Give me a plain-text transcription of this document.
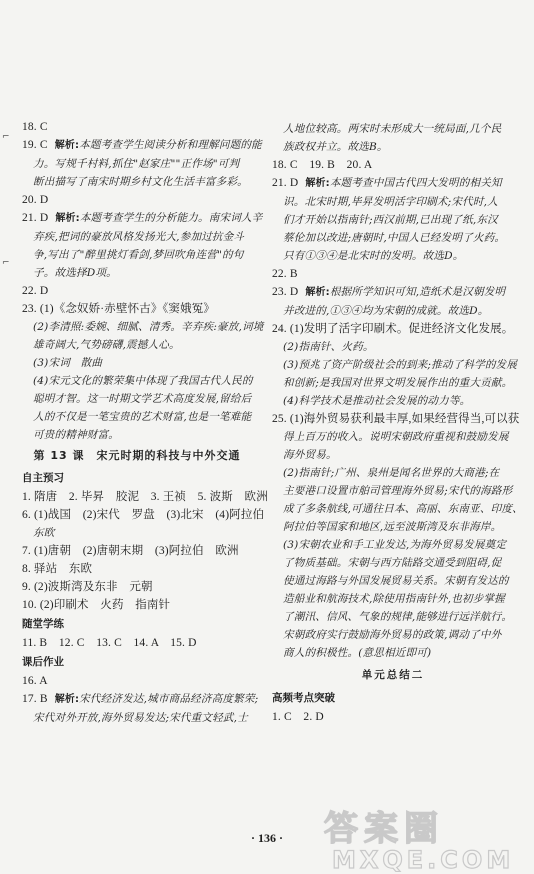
⌐
⌐
18. C
19. C 解析:本题考查学生阅读分析和理解问题的能
力。写规千村料,抓住"赵家庄""正作场"可判
断出描写了南宋时期乡村文化生活丰富多彩。
20. D
21. D 解析:本题考查学生的分析能力。南宋词人辛
弃疾,把词的豪放风格发扬光大,参加过抗金斗
争,写出了"醉里挑灯看剑,梦回吹角连营"的句
子。故选择D项。
22. D
23. (1)《念奴娇·赤壁怀古》《窦娥冤》
(2)李清照:委婉、细腻、清秀。辛弃疾:豪放,词境
雄奇阔大,气势磅礴,震撼人心。
(3)宋词　散曲
(4)宋元文化的繁荣集中体现了我国古代人民的
聪明才智。这一时期文学艺术高度发展,留给后
人的不仅是一笔宝贵的艺术财富,也是一笔难能
可贵的精神财富。
第 13 课　宋元时期的科技与中外交通
自主预习
1. 隋唐　2. 毕昇　胶泥　3. 王祯　5. 波斯　欧洲
6. (1)战国　(2)宋代　罗盘　(3)北宋　(4)阿拉伯
东欧
7. (1)唐朝　(2)唐朝末期　(3)阿拉伯　欧洲
8. 驿站　东欧
9. (2)波斯湾及东非　元朝
10. (2)印刷术　火药　指南针
随堂学练
11. B　12. C　13. C　14. A　15. D
课后作业
16. A
17. B 解析:宋代经济发达,城市商品经济高度繁荣;
宋代对外开放,海外贸易发达;宋代重文轻武,士
人地位较高。两宋时未形成大一统局面,几个民
族政权并立。故选B。
18. C　19. B　20. A
21. D 解析:本题考查中国古代四大发明的相关知
识。北宋时期,毕昇发明活字印刷术;宋代时,人
们才开始以指南针;西汉前期,已出现了纸,东汉
蔡伦加以改进;唐朝时,中国人已经发明了火药。
只有①③④是北宋时的发明。故选D。
22. B
23. D 解析:根据所学知识可知,造纸术是汉朝发明
并改进的,①③④均为宋朝的成就。故选D。
24. (1)发明了活字印刷术。促进经济文化发展。
(2)指南针、火药。
(3)预兆了资产阶级社会的到来;推动了科学的发展
和创新;是我国对世界文明发展作出的重大贡献。
(4)科学技术是推动社会发展的动力等。
25. (1)海外贸易获利最丰厚,如果经营得当,可以获
得上百万的收入。说明宋朝政府重视和鼓励发展
海外贸易。
(2)指南针;广州、泉州是闻名世界的大商港;在
主要港口设置市舶司管理海外贸易;宋代的海路形
成了多条航线,可通往日本、高丽、东南亚、印度、
阿拉伯等国家和地区,远至波斯湾及东非海岸。
(3)宋朝农业和手工业发达,为海外贸易发展奠定
了物质基础。宋朝与西方陆路交通受到阻碍,促
使通过海路与外国发展贸易关系。宋朝有发达的
造船业和航海技术,除使用指南针外,也初步掌握
了潮汛、信风、气象的规律,能够进行远洋航行。
宋朝政府实行鼓励海外贸易的政策,调动了中外
商人的积极性。(意思相近即可)
单元总结二
高频考点突破
1. C　2. D
· 136 ·	答案圈
MXQE.COM
